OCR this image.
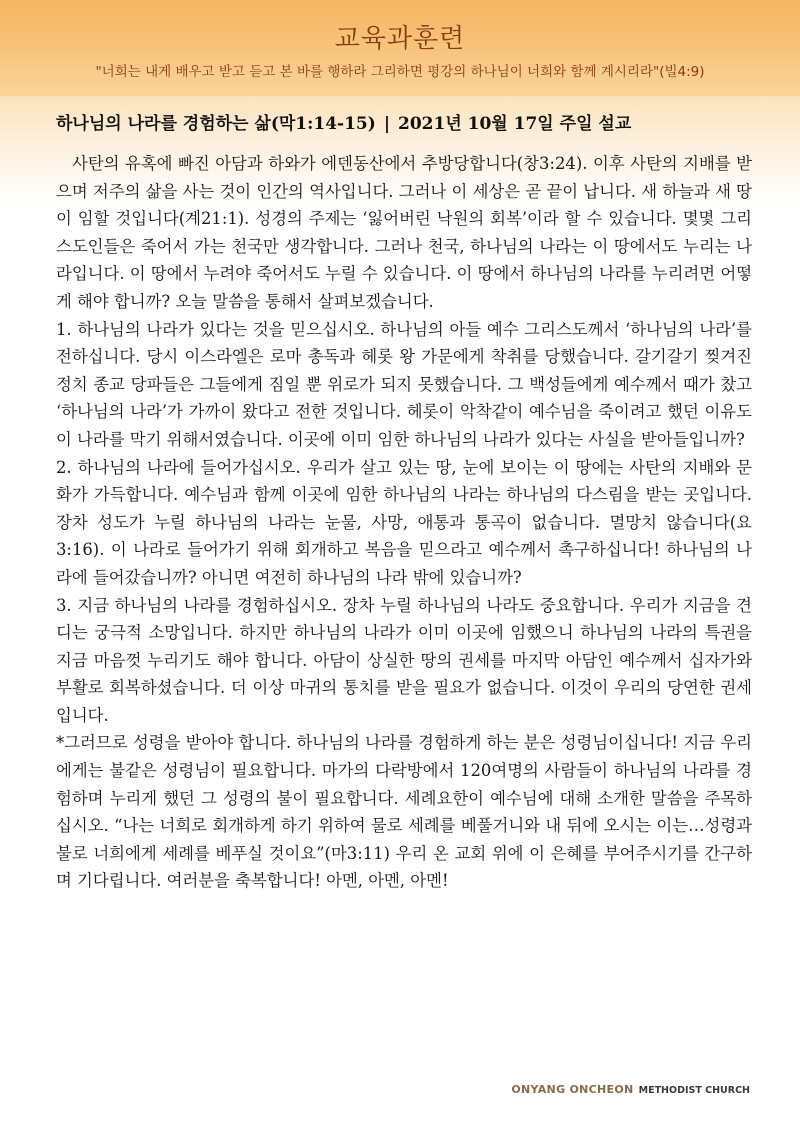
교육과훈련
"너희는 내게 배우고 받고 듣고 본 바를 행하라 그리하면 평강의 하나님이 너희와 함께 계시리라"(빌4:9)
하나님의 나라를 경험하는 삶(막1:14-15) | 2021년 10월 17일 주일 설교

사탄의 유혹에 빠진 아담과 하와가 에덴동산에서 추방당합니다(창3:24). 이후 사탄의 지배를 받으며 저주의 삶을 사는 것이 인간의 역사입니다. 그러나 이 세상은 곧 끝이 납니다. 새 하늘과 새 땅이 임할 것입니다(계21:1). 성경의 주제는 ‘잃어버린 낙원의 회복’이라 할 수 있습니다. 몇몇 그리스도인들은 죽어서 가는 천국만 생각합니다. 그러나 천국, 하나님의 나라는 이 땅에서도 누리는 나라입니다. 이 땅에서 누려야 죽어서도 누릴 수 있습니다. 이 땅에서 하나님의 나라를 누리려면 어떻게 해야 합니까? 오늘 말씀을 통해서 살펴보겠습니다.

1. 하나님의 나라가 있다는 것을 믿으십시오. 하나님의 아들 예수 그리스도께서 ‘하나님의 나라’를 전하십니다. 당시 이스라엘은 로마 총독과 헤롯 왕 가문에게 착취를 당했습니다. 갈기갈기 찢겨진 정치 종교 당파들은 그들에게 짐일 뿐 위로가 되지 못했습니다. 그 백성들에게 예수께서 때가 찼고 ‘하나님의 나라’가 가까이 왔다고 전한 것입니다. 헤롯이 악착같이 예수님을 죽이려고 했던 이유도 이 나라를 막기 위해서였습니다. 이곳에 이미 임한 하나님의 나라가 있다는 사실을 받아들입니까?

2. 하나님의 나라에 들어가십시오. 우리가 살고 있는 땅, 눈에 보이는 이 땅에는 사탄의 지배와 문화가 가득합니다. 예수님과 함께 이곳에 임한 하나님의 나라는 하나님의 다스림을 받는 곳입니다. 장차 성도가 누릴 하나님의 나라는 눈물, 사망, 애통과 통곡이 없습니다. 멸망치 않습니다(요3:16). 이 나라로 들어가기 위해 회개하고 복음을 믿으라고 예수께서 촉구하십니다! 하나님의 나라에 들어갔습니까? 아니면 여전히 하나님의 나라 밖에 있습니까?

3. 지금 하나님의 나라를 경험하십시오. 장차 누릴 하나님의 나라도 중요합니다. 우리가 지금을 견디는 궁극적 소망입니다. 하지만 하나님의 나라가 이미 이곳에 임했으니 하나님의 나라의 특권을 지금 마음껏 누리기도 해야 합니다. 아담이 상실한 땅의 권세를 마지막 아담인 예수께서 십자가와 부활로 회복하셨습니다. 더 이상 마귀의 통치를 받을 필요가 없습니다. 이것이 우리의 당연한 권세입니다.

*그러므로 성령을 받아야 합니다. 하나님의 나라를 경험하게 하는 분은 성령님이십니다! 지금 우리에게는 불같은 성령님이 필요합니다. 마가의 다락방에서 120여명의 사람들이 하나님의 나라를 경험하며 누리게 했던 그 성령의 불이 필요합니다. 세례요한이 예수님에 대해 소개한 말씀을 주목하십시오. “나는 너희로 회개하게 하기 위하여 물로 세례를 베풀거니와 내 뒤에 오시는 이는…성령과 불로 너희에게 세례를 베푸실 것이요”(마3:11) 우리 온 교회 위에 이 은혜를 부어주시기를 간구하며 기다립니다. 여러분을 축복합니다! 아멘, 아멘, 아멘!

ONYANG ONCHEON METHODIST CHURCH
